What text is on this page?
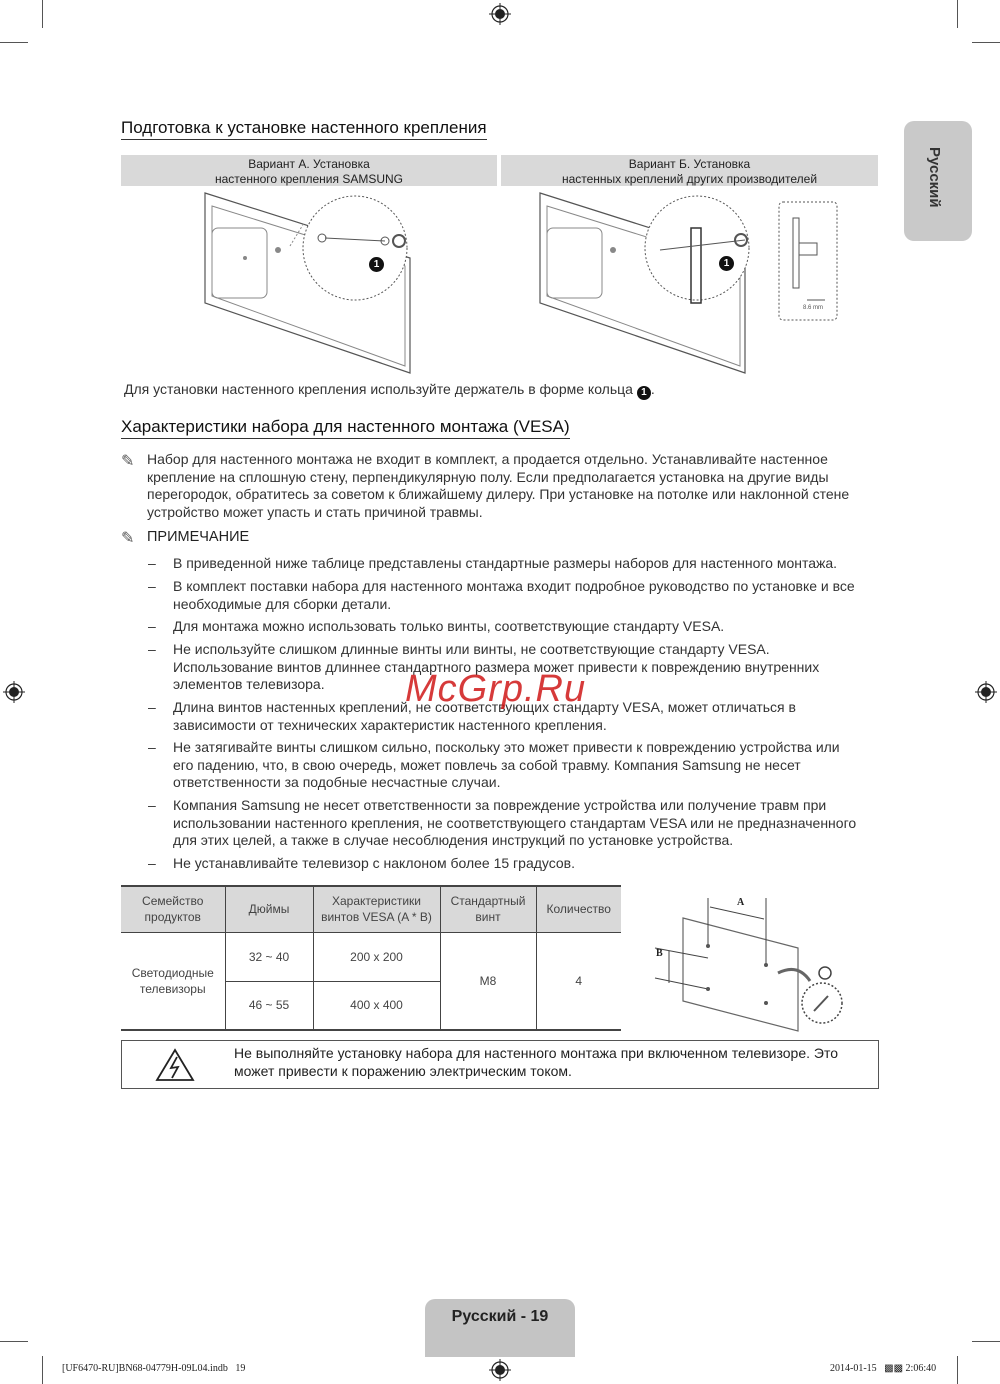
Русский
Подготовка к установке настенного крепления
Вариант А. Установка
настенного крепления SAMSUNG
Вариант Б. Установка
настенных креплений других производителей
1	1
8.6 mm
Для установки настенного крепления используйте держатель в форме кольца 1 .
Характеристики набора для настенного монтажа (VESA)
✎ Набор для настенного монтажа не входит в комплект, а продается отдельно. Устанавливайте настенное крепление на сплошную стену, перпендикулярную полу. Если предполагается установка на другие виды перегородок, обратитесь за советом к ближайшему дилеру. При установке на потолке или наклонной стене устройство может упасть и стать причиной травмы.
✎ ПРИМЕЧАНИЕ
– В приведенной ниже таблице представлены стандартные размеры наборов для настенного монтажа.
– В комплект поставки набора для настенного монтажа входит подробное руководство по установке и все необходимые для сборки детали.
– Для монтажа можно использовать только винты, соответствующие стандарту VESA.
– Не используйте слишком длинные винты или винты, не соответствующие стандарту VESA. Использование винтов длиннее стандартного размера может привести к повреждению внутренних элементов телевизора.
– Длина винтов настенных креплений, не соответствующих стандарту VESA, может отличаться в зависимости от технических характеристик настенного крепления.
– Не затягивайте винты слишком сильно, поскольку это может привести к повреждению устройства или его падению, что, в свою очередь, может повлечь за собой травму. Компания Samsung не несет ответственности за подобные несчастные случаи.
– Компания Samsung не несет ответственности за повреждение устройства или получение травм при использовании настенного крепления, не соответствующего стандартам VESA или не предназначенного для этих целей, а также в случае несоблюдения инструкций по установке устройства.
– Не устанавливайте телевизор с наклоном более 15 градусов.
McGrp.Ru
Семейство продуктов	Дюймы	Характеристики винтов VESA (A * B)	Стандартный винт	Количество
Светодиодные телевизоры	32 ~ 40	200 x 200	M8	4
	46 ~ 55	400 x 400		
A
B
Не выполняйте установку набора для настенного монтажа при включенном телевизоре. Это может привести к поражению электрическим током.
Русский - 19
[UF6470-RU]BN68-04779H-09L04.indb   19	2014-01-15   ▩▩ 2:06:40
